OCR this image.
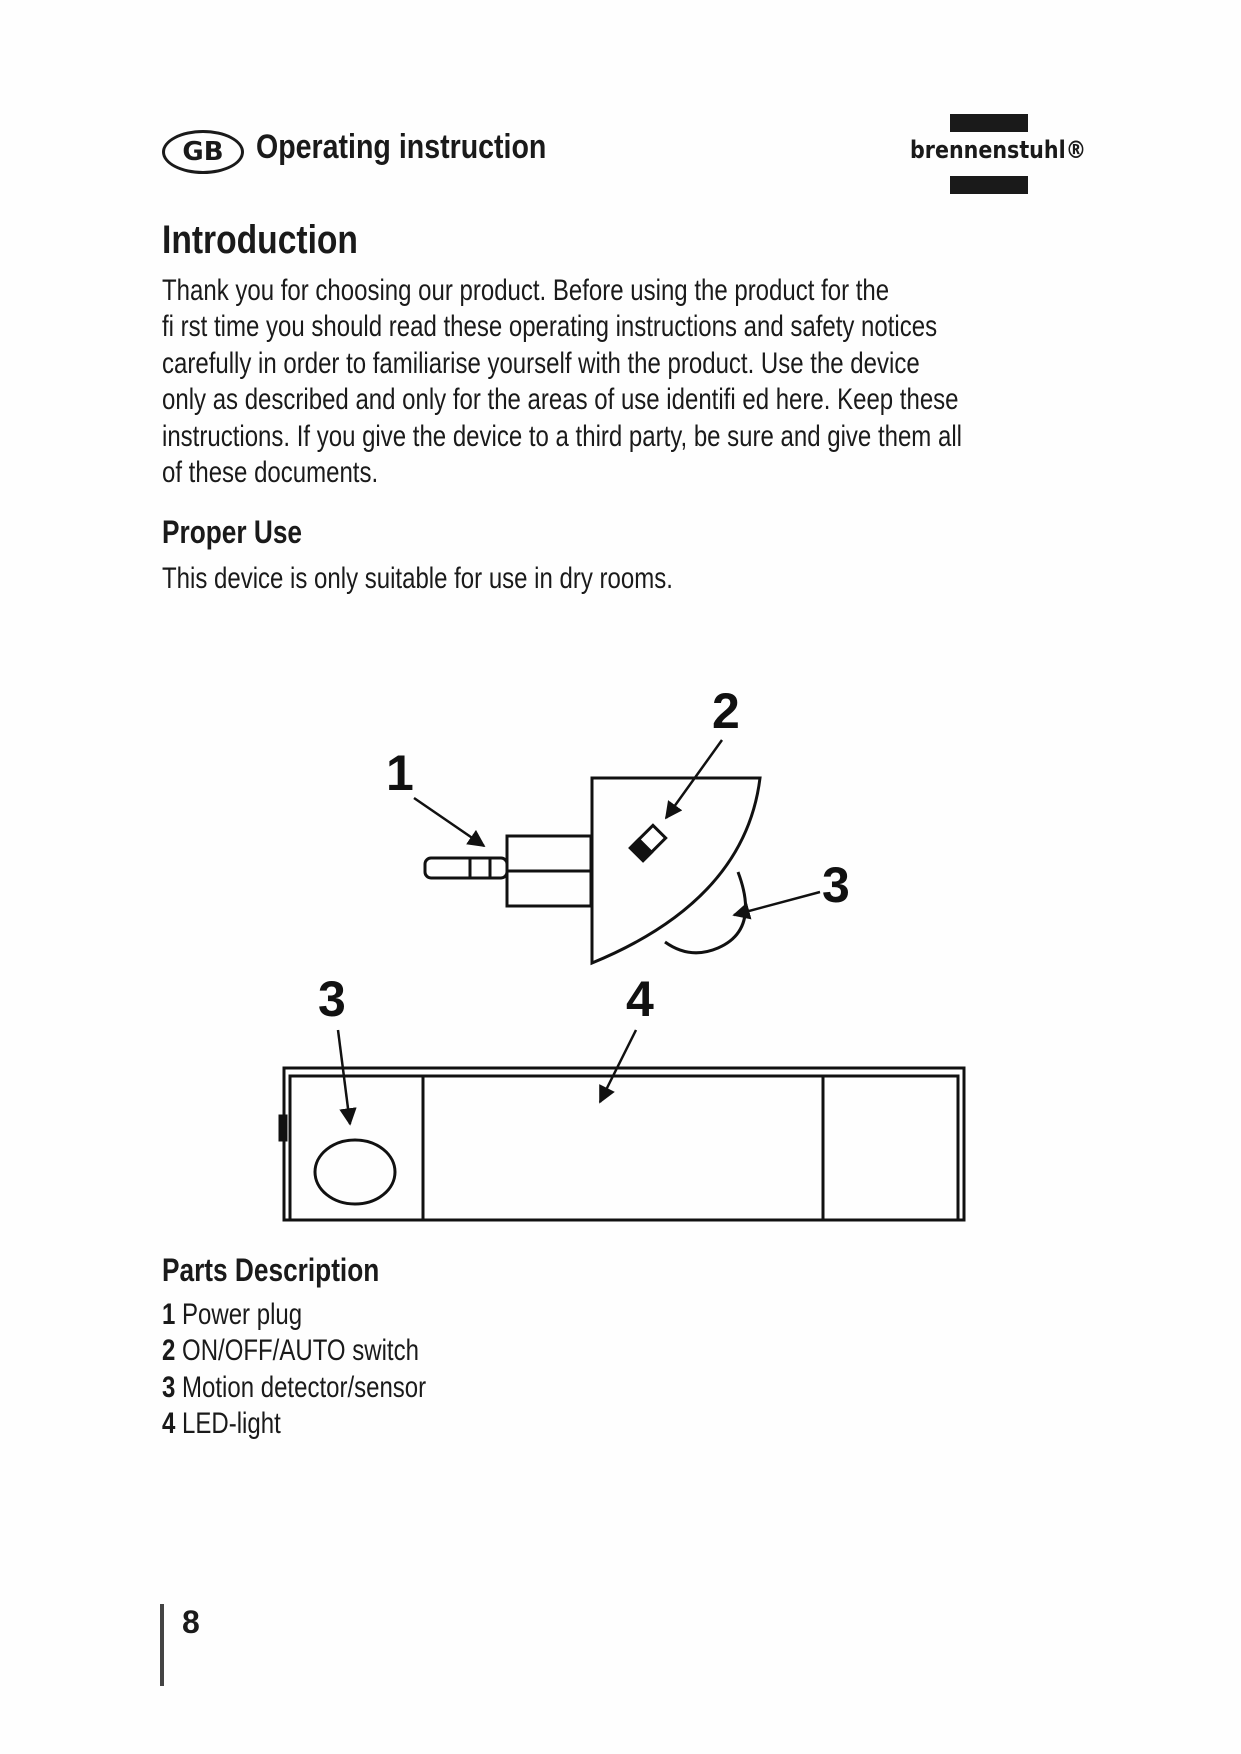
GB Operating instruction	brennenstuhl®
Introduction
Thank you for choosing our product. Before using the product for the
fi rst time you should read these operating instructions and safety notices
carefully in order to familiarise yourself with the product. Use the device
only as described and only for the areas of use identifi ed here. Keep these
instructions. If you give the device to a third party, be sure and give them all
of these documents.
Proper Use
This device is only suitable for use in dry rooms.
Parts Description
1 Power plug
2 ON/OFF/AUTO switch
3 Motion detector/sensor
4 LED-light
1
2
3
3	4
8
